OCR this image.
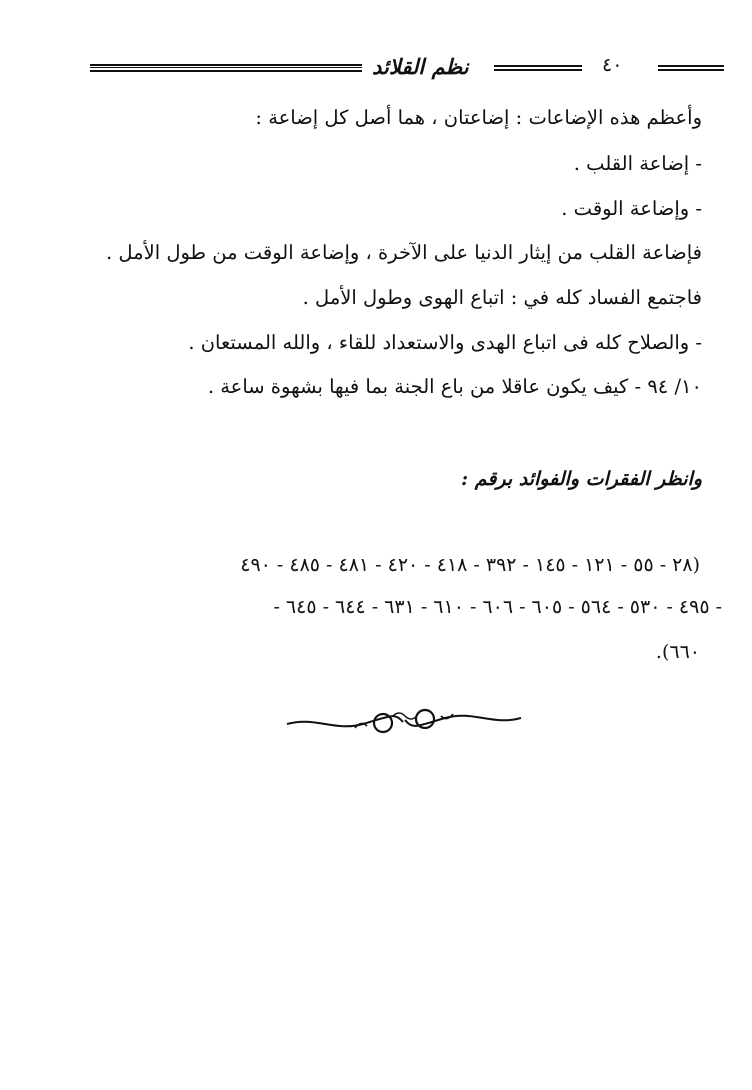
نظم القلائد	٤٠
وأعظم هذه الإضاعات : إضاعتان ، هما أصل كل إضاعة :
- إضاعة القلب .
- وإضاعة الوقت .
فإضاعة القلب من إيثار الدنيا على الآخرة ، وإضاعة الوقت من طول الأمل .
فاجتمع الفساد كله في : اتباع الهوى وطول الأمل .
- والصلاح كله فى اتباع الهدى والاستعداد للقاء ، والله المستعان .
١٠/ ٩٤ - كيف يكون عاقلا من باع الجنة بما فيها بشهوة ساعة .
وانظر الفقرات والفوائد برقم :
(٢٨ - ٥٥ - ١٢١ - ١٤٥ - ٣٩٢ - ٤١٨ - ٤٢٠ - ٤٨١ - ٤٨٥ - ٤٩٠
- ٤٩٥ - ٥٣٠ - ٥٦٤ - ٦٠٥ - ٦٠٦ - ٦١٠ - ٦٣١ - ٦٤٤ - ٦٤٥ -
٦٦٠).
